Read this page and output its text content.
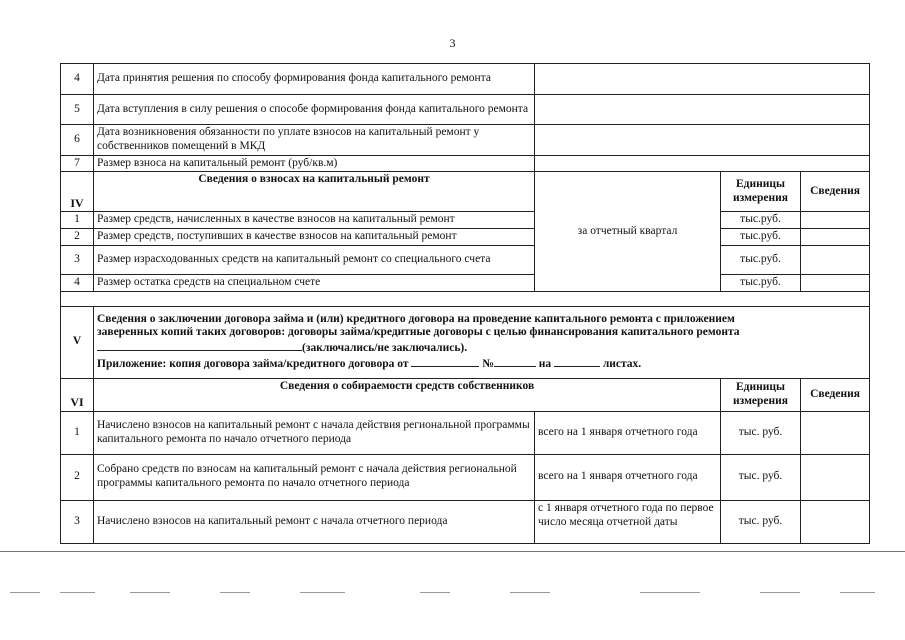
3
4	Дата принятия решения по способу формирования фонда капитального ремонта			
5	Дата вступления в силу решения о способе формирования фонда капитального ремонта			
6	Дата возникновения обязанности по уплате взносов на капитальный ремонт у собственников помещений в МКД			
7	Размер взноса на капитальный ремонт (руб/кв.м)			
IV	Сведения о взносах на капитальный ремонт	за отчетный квартал	Единицы измерения	Сведения
1	Размер средств, начисленных в качестве взносов на капитальный ремонт		тыс.руб.	
2	Размер средств, поступивших в качестве взносов на капитальный ремонт		тыс.руб.	
3	Размер израсходованных средств на капитальный ремонт со специального счета		тыс.руб.	
4	Размер остатка средств на специальном счете		тыс.руб.	

V	Сведения о заключении договора займа и (или) кредитного договора на проведение капитального ремонта с приложением
заверенных копий таких договоров: договоры займа/кредитные договоры с целью финансирования капитального ремонта
(заключались/не заключались).
Приложение: копия договора займа/кредитного договора от № на листах.			

VI	Сведения о собираемости средств собственников		Единицы измерения	Сведения
1	Начислено взносов на капитальный ремонт с начала действия региональной программы капитального ремонта по начало отчетного периода	всего на 1 января отчетного года	тыс. руб.	
2	Собрано средств по взносам на капитальный ремонт с начала действия региональной программы капитального ремонта по начало отчетного периода	всего на 1 января отчетного года	тыс. руб.	
3	Начислено взносов на капитальный ремонт с начала отчетного периода	с 1 января отчетного года по первое число месяца отчетной даты	тыс. руб.	
